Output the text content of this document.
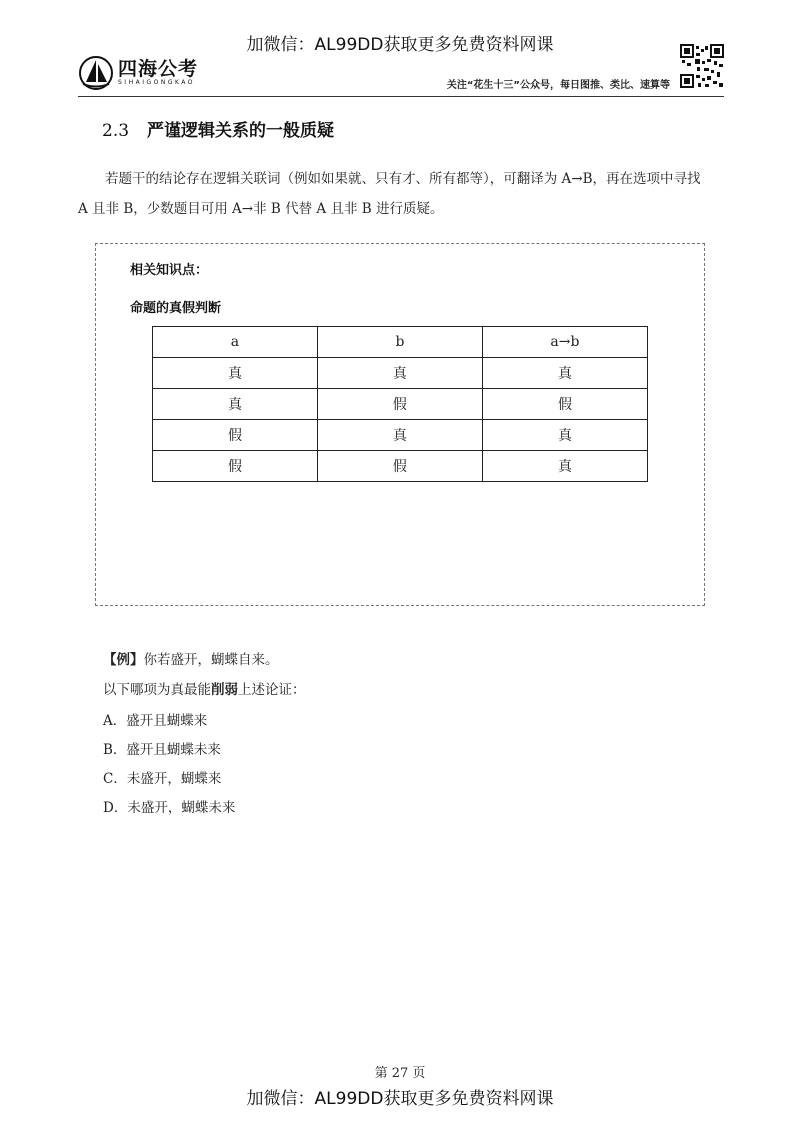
加微信：AL99DD获取更多免费资料网课
四海公考
SIHAIGONGKAO	关注“花生十三”公众号，每日图推、类比、速算等
2.3 严谨逻辑关系的一般质疑

若题干的结论存在逻辑关联词（例如如果就、只有才、所有都等），可翻译为 A→B，再在选项中寻找

A 且非 B，少数题目可用 A→非 B 代替 A 且非 B 进行质疑。
相关知识点：
命题的真假判断
a	b	a→b
真	真	真
真	假	假
假	真	真
假	假	真
【例】你若盛开，蝴蝶自来。
以下哪项为真最能削弱上述论证：
A．盛开且蝴蝶来
B．盛开且蝴蝶未来
C．未盛开，蝴蝶来
D．未盛开，蝴蝶未来
第 27 页
加微信：AL99DD获取更多免费资料网课
